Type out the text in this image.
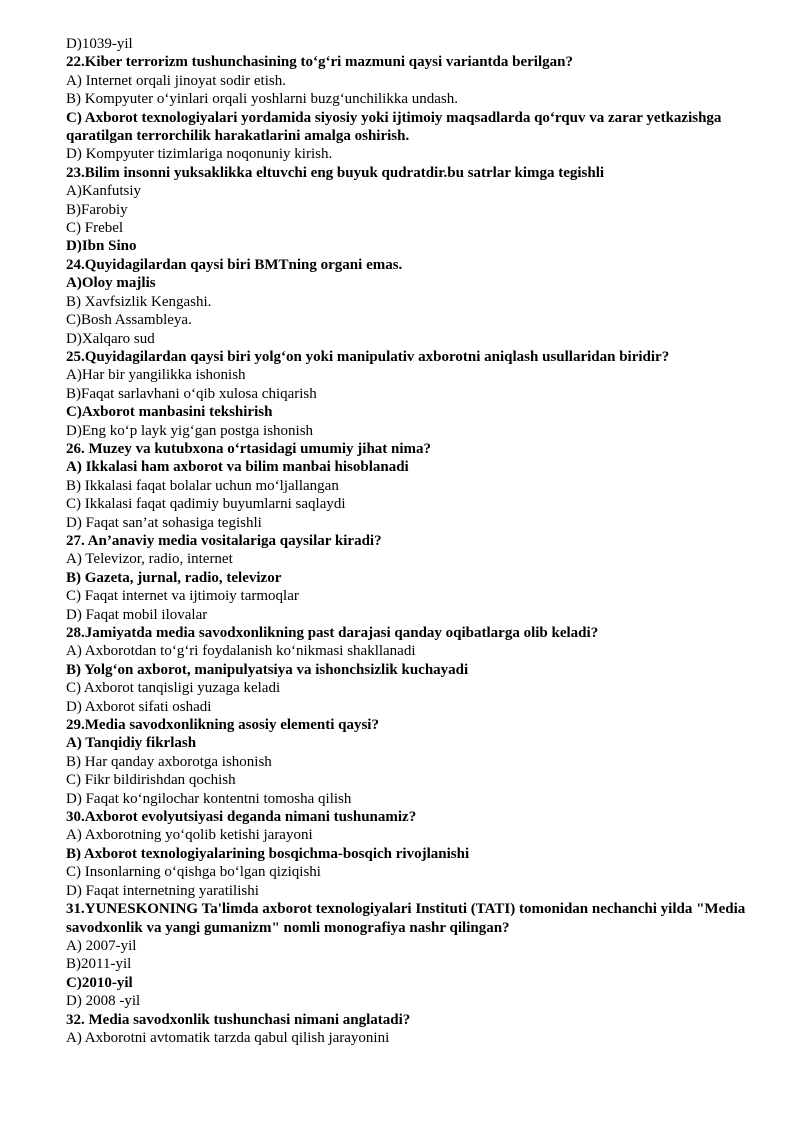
D)1039-yil
22.Kiber terrorizm tushunchasining to‘g‘ri mazmuni qaysi variantda berilgan?
A) Internet orqali jinoyat sodir etish.
B) Kompyuter o‘yinlari orqali yoshlarni buzg‘unchilikka undash.
C) Axborot texnologiyalari yordamida siyosiy yoki ijtimoiy maqsadlarda qo‘rquv va zarar yetkazishga qaratilgan terrorchilik harakatlarini amalga oshirish.
D) Kompyuter tizimlariga noqonuniy kirish.
23.Bilim insonni yuksaklikka eltuvchi eng buyuk qudratdir.bu satrlar kimga tegishli
A)Kanfutsiy
B)Farobiy
C) Frebel
D)Ibn Sino
24.Quyidagilardan qaysi biri BMTning organi emas.
A)Oloy majlis
B) Xavfsizlik Kengashi.
C)Bosh Assambleya.
D)Xalqaro sud
25.Quyidagilardan qaysi biri yolg‘on yoki manipulativ axborotni aniqlash usullaridan biridir?
A)Har bir yangilikka ishonish
B)Faqat sarlavhani o‘qib xulosa chiqarish
C)Axborot manbasini tekshirish
D)Eng ko‘p layk yig‘gan postga ishonish
26. Muzey va kutubxona o‘rtasidagi umumiy jihat nima?
A) Ikkalasi ham axborot va bilim manbai hisoblanadi
B) Ikkalasi faqat bolalar uchun mo‘ljallangan
C) Ikkalasi faqat qadimiy buyumlarni saqlaydi
D) Faqat san’at sohasiga tegishli
27. An’anaviy media vositalariga qaysilar kiradi?
A) Televizor, radio, internet
B) Gazeta, jurnal, radio, televizor
C) Faqat internet va ijtimoiy tarmoqlar
D) Faqat mobil ilovalar
28.Jamiyatda media savodxonlikning past darajasi qanday oqibatlarga olib keladi?
A) Axborotdan to‘g‘ri foydalanish ko‘nikmasi shakllanadi
B) Yolg‘on axborot, manipulyatsiya va ishonchsizlik kuchayadi
C) Axborot tanqisligi yuzaga keladi
D) Axborot sifati oshadi
29.Media savodxonlikning asosiy elementi qaysi?
A) Tanqidiy fikrlash
B) Har qanday axborotga ishonish
C) Fikr bildirishdan qochish
D) Faqat ko‘ngilochar kontentni tomosha qilish
30.Axborot evolyutsiyasi deganda nimani tushunamiz?
A) Axborotning yo‘qolib ketishi jarayoni
B) Axborot texnologiyalarining bosqichma-bosqich rivojlanishi
C) Insonlarning o‘qishga bo‘lgan qiziqishi
D) Faqat internetning yaratilishi
31.YUNESKONING Ta'limda axborot texnologiyalari Instituti (TATI) tomonidan nechanchi yilda "Media savodxonlik va yangi gumanizm" nomli monografiya nashr qilingan?
A) 2007-yil
B)2011-yil
C)2010-yil
D) 2008 -yil
32. Media savodxonlik tushunchasi nimani anglatadi?
A) Axborotni avtomatik tarzda qabul qilish jarayonini
